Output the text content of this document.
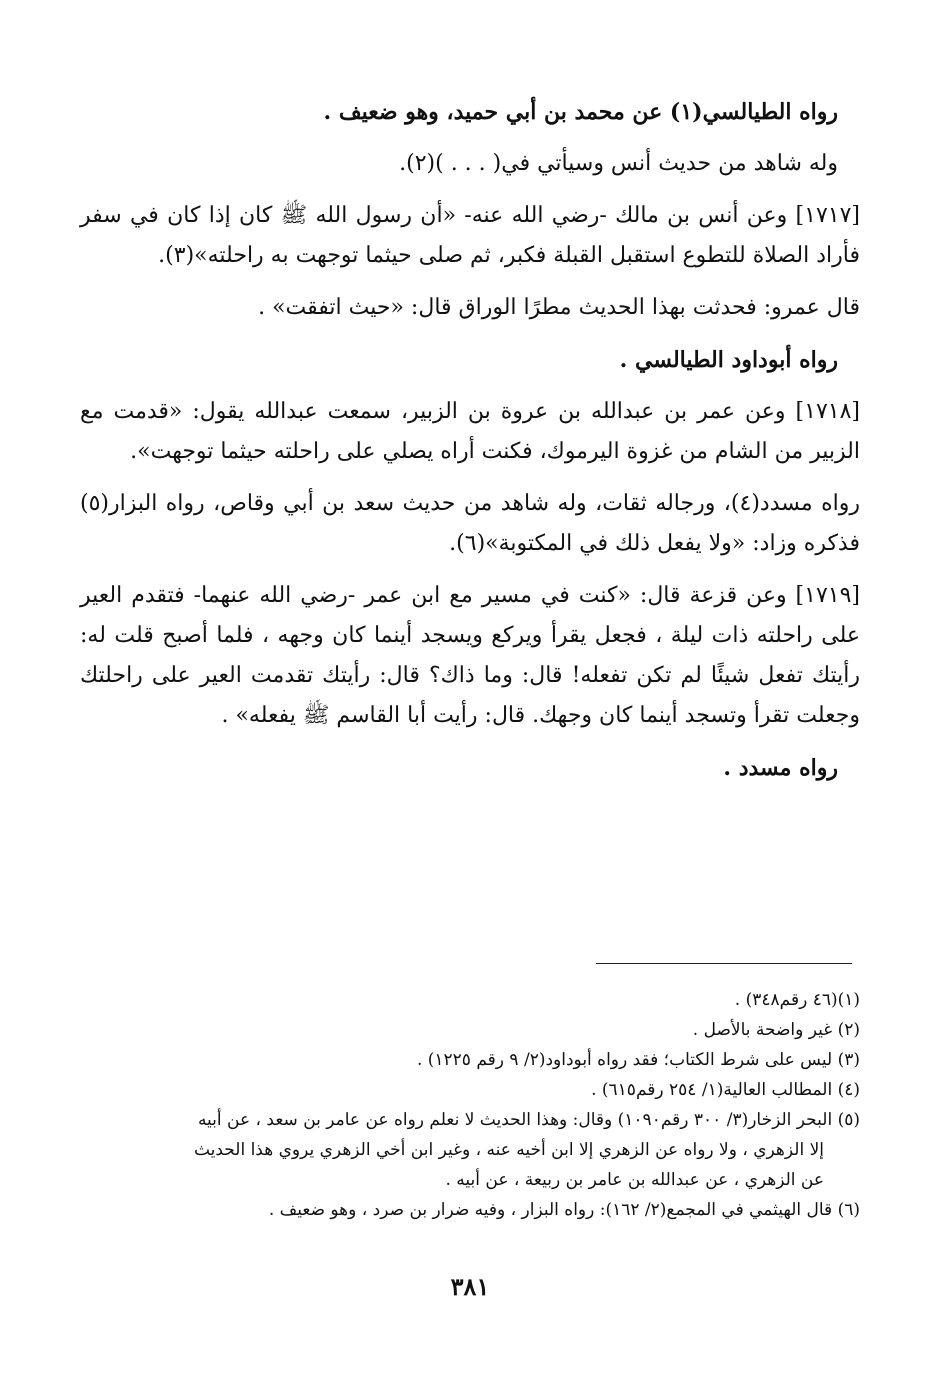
رواه الطيالسي(١) عن محمد بن أبي حميد، وهو ضعيف .

وله شاهد من حديث أنس وسيأتي في( . . . )(٢).

[١٧١٧] وعن أنس بن مالك -رضي الله عنه- «أن رسول الله ﷺ كان إذا كان في سفر فأراد الصلاة للتطوع استقبل القبلة فكبر، ثم صلى حيثما توجهت به راحلته»(٣).

قال عمرو: فحدثت بهذا الحديث مطرًا الوراق قال: «حيث اتفقت» .

رواه أبوداود الطيالسي .

[١٧١٨] وعن عمر بن عبدالله بن عروة بن الزبير، سمعت عبدالله يقول: «قدمت مع الزبير من الشام من غزوة اليرموك، فكنت أراه يصلي على راحلته حيثما توجهت».

رواه مسدد(٤)، ورجاله ثقات، وله شاهد من حديث سعد بن أبي وقاص، رواه البزار(٥) فذكره وزاد: «ولا يفعل ذلك في المكتوبة»(٦).

[١٧١٩] وعن قزعة قال: «كنت في مسير مع ابن عمر -رضي الله عنهما- فتقدم العير على راحلته ذات ليلة ، فجعل يقرأ ويركع ويسجد أينما كان وجهه ، فلما أصبح قلت له: رأيتك تفعل شيئًا لم تكن تفعله! قال: وما ذاك؟ قال: رأيتك تقدمت العير على راحلتك وجعلت تقرأ وتسجد أينما كان وجهك. قال: رأيت أبا القاسم ﷺ يفعله» .

رواه مسدد .

(١)(٤٦ رقم٣٤٨) .

(٢) غير واضحة بالأصل .

(٣) ليس على شرط الكتاب؛ فقد رواه أبوداود(٢/ ٩ رقم ١٢٢٥) .

(٤) المطالب العالية(١/ ٢٥٤ رقم٦١٥) .

(٥) البحر الزخار(٣/ ٣٠٠ رقم١٠٩٠) وقال: وهذا الحديث لا نعلم رواه عن عامر بن سعد ، عن أبيه

إلا الزهري ، ولا رواه عن الزهري إلا ابن أخيه عنه ، وغير ابن أخي الزهري يروي هذا الحديث

عن الزهري ، عن عبدالله بن عامر بن ربيعة ، عن أبيه .

(٦) قال الهيثمي في المجمع(٢/ ١٦٢): رواه البزار ، وفيه ضرار بن صرد ، وهو ضعيف .

٣٨١
